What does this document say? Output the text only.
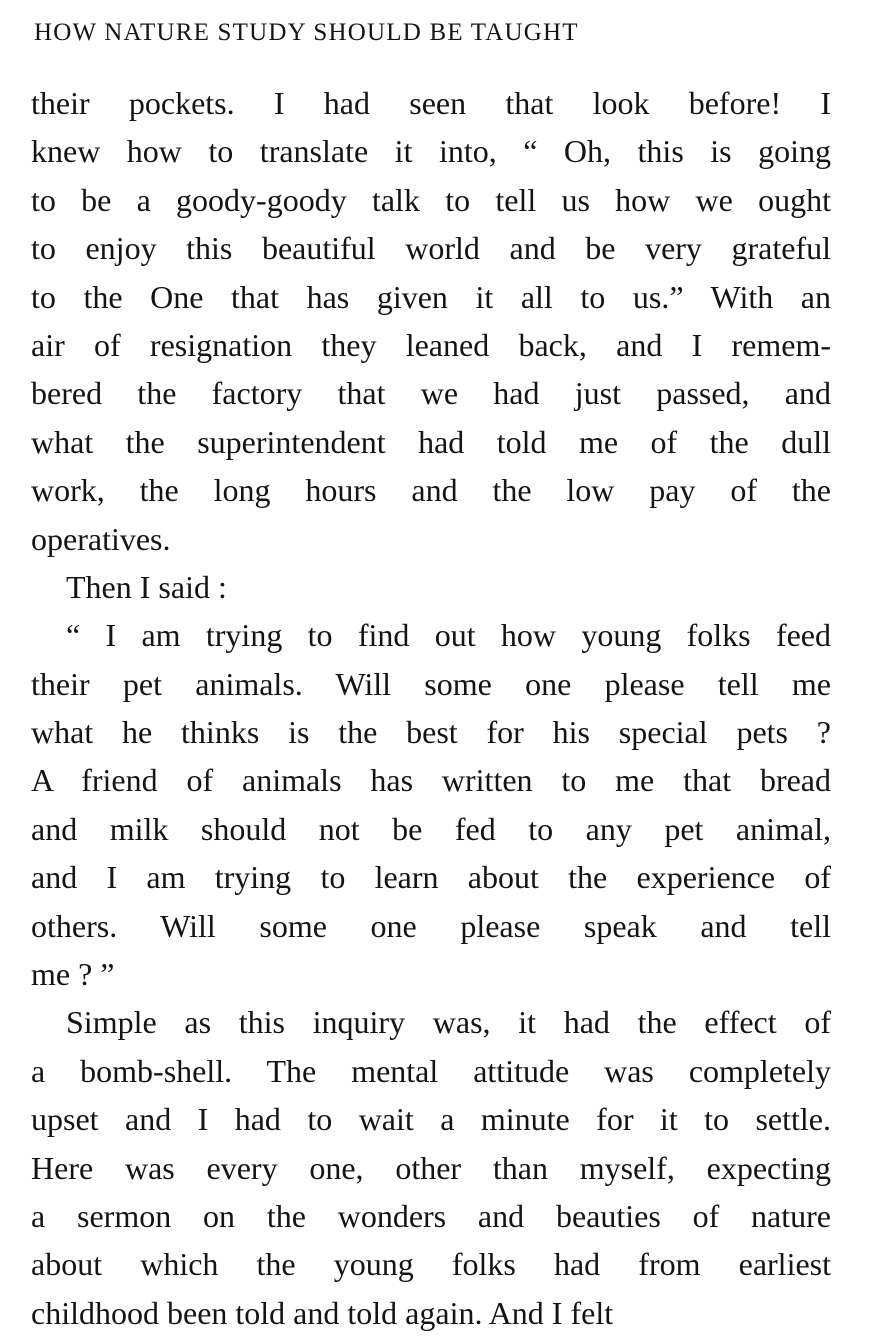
HOW NATURE STUDY SHOULD BE TAUGHT
their pockets. I had seen that look before! I
knew how to translate it into, “ Oh, this is going
to be a goody-goody talk to tell us how we ought
to enjoy this beautiful world and be very grateful
to the One that has given it all to us.” With an
air of resignation they leaned back, and I remem-
bered the factory that we had just passed, and
what the superintendent had told me of the dull
work, the long hours and the low pay of the
operatives.
Then I said :
“ I am trying to find out how young folks feed
their pet animals. Will some one please tell me
what he thinks is the best for his special pets ?
A friend of animals has written to me that bread
and milk should not be fed to any pet animal,
and I am trying to learn about the experience of
others. Will some one please speak and tell
me ? ”
Simple as this inquiry was, it had the effect of
a bomb-shell. The mental attitude was completely
upset and I had to wait a minute for it to settle.
Here was every one, other than myself, expecting
a sermon on the wonders and beauties of nature
about which the young folks had from earliest
childhood been told and told again. And I felt
